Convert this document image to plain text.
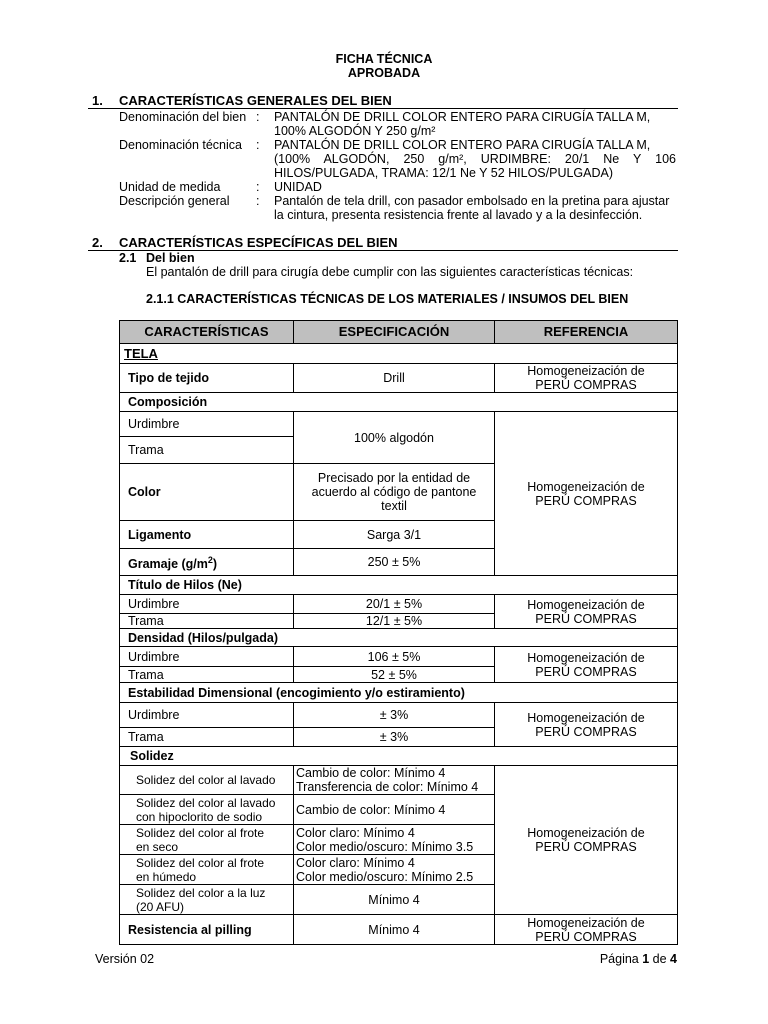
FICHA TÉCNICA
APROBADA
1. CARACTERÍSTICAS GENERALES DEL BIEN
Denominación del bien : PANTALÓN DE DRILL COLOR ENTERO PARA CIRUGÍA TALLA M,
100% ALGODÓN Y 250 g/m²
Denominación técnica : PANTALÓN DE DRILL COLOR ENTERO PARA CIRUGÍA TALLA M,
(100% ALGODÓN, 250 g/m², URDIMBRE: 20/1 Ne Y 106
HILOS/PULGADA, TRAMA: 12/1 Ne Y 52 HILOS/PULGADA)
Unidad de medida	: UNIDAD
Descripción general : Pantalón de tela drill, con pasador embolsado en la pretina para ajustar
la cintura, presenta resistencia frente al lavado y a la desinfección.
2. CARACTERÍSTICAS ESPECÍFICAS DEL BIEN
2.1 Del bien
El pantalón de drill para cirugía debe cumplir con las siguientes características técnicas:
2.1.1 CARACTERÍSTICAS TÉCNICAS DE LOS MATERIALES / INSUMOS DEL BIEN
CARACTERÍSTICAS	ESPECIFICACIÓN	REFERENCIA
TELA		
Tipo de tejido	Drill	Homogeneización de
PERÚ COMPRAS
Composición		
Urdimbre	100% algodón	Homogeneización de
PERÚ COMPRAS
Trama		
Color	Precisado por la entidad de
acuerdo al código de pantone
textil	
Ligamento	Sarga 3/1	
Gramaje $(g/m^2)$	250 ± 5%	
Título de Hilos (Ne)		
Urdimbre	20/1 ± 5%	Homogeneización de
PERÚ COMPRAS
Trama	12/1 ± 5%	
Densidad (Hilos/pulgada)		
Urdimbre	106 ± 5%	Homogeneización de
PERÚ COMPRAS
Trama	52 ± 5%	
Estabilidad Dimensional (encogimiento y/o estiramiento)		
Urdimbre	± 3%	Homogeneización de
PERÚ COMPRAS
Trama	± 3%	
Solidez		
Solidez del color al lavado	Cambio de color: Mínimo 4
Transferencia de color: Mínimo 4	Homogeneización de
PERÚ COMPRAS
Solidez del color al lavado
con hipoclorito de sodio	Cambio de color: Mínimo 4	
Solidez del color al frote
en seco	Color claro: Mínimo 4
Color medio/oscuro: Mínimo 3.5	
Solidez del color al frote
en húmedo	Color claro: Mínimo 4
Color medio/oscuro: Mínimo 2.5	
Solidez del color a la luz
(20 AFU)	Mínimo 4	
Resistencia al pilling	Mínimo 4	Homogeneización de
PERÚ COMPRAS
Versión 02	Página 1 de 4
